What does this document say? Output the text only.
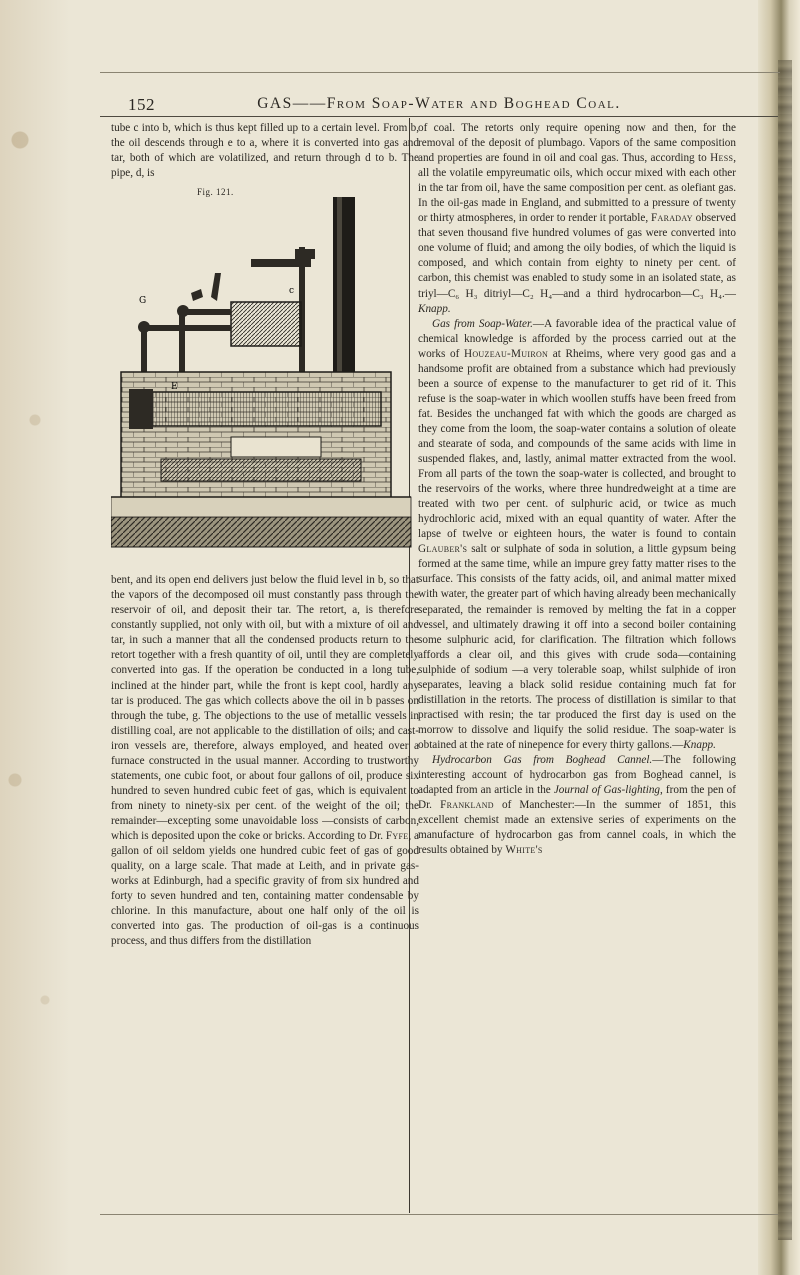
152	GAS——From Soap-Water and Boghead Coal.

tube c into b, which is thus kept filled up to a certain level. From b, the oil descends through e to a, where it is converted into gas and tar, both of which are volatilized, and return through d to b. The pipe, d, is

Fig. 121.
c
G
E

bent, and its open end delivers just below the fluid level in b, so that the vapors of the decomposed oil must constantly pass through the reservoir of oil, and deposit their tar. The retort, a, is therefore constantly supplied, not only with oil, but with a mixture of oil and tar, in such a manner that all the condensed products return to the retort together with a fresh quantity of oil, until they are completely converted into gas. If the operation be conducted in a long tube, inclined at the hinder part, while the front is kept cool, hardly any tar is produced. The gas which collects above the oil in b passes on through the tube, g. The objections to the use of metallic vessels in distilling coal, are not applicable to the distillation of oils; and cast-iron vessels are, therefore, always employed, and heated over a furnace constructed in the usual manner. According to trustworthy statements, one cubic foot, or about four gallons of oil, produce six hundred to seven hundred cubic feet of gas, which is equivalent to from ninety to ninety-six per cent. of the weight of the oil; the remainder—excepting some unavoidable loss —consists of carbon, which is deposited upon the coke or bricks. According to Dr. Fyfe, a gallon of oil seldom yields one hundred cubic feet of gas of good quality, on a large scale. That made at Leith, and in private gas-works at Edinburgh, had a specific gravity of from six hundred and forty to seven hundred and ten, containing matter condensable by chlorine. In this manufacture, about one half only of the oil is converted into gas. The production of oil-gas is a continuous process, and thus differs from the distillation

of coal. The retorts only require opening now and then, for the removal of the deposit of plumbago. Vapors of the same composition and properties are found in oil and coal gas. Thus, according to Hess, all the volatile empyreumatic oils, which occur mixed with each other in the tar from oil, have the same composition per cent. as olefiant gas. In the oil-gas made in England, and submitted to a pressure of twenty or thirty atmospheres, in order to render it portable, Faraday observed that seven thousand five hundred volumes of gas were converted into one volume of fluid; and among the oily bodies, of which the liquid is composed, and which contain from eighty to ninety per cent. of carbon, this chemist was enabled to study some in an isolated state, as triyl—C₆ H₃ ditriyl—C₂ H₄—and a third hydrocarbon—C₃ H₄.—Knapp.

Gas from Soap-Water.—A favorable idea of the practical value of chemical knowledge is afforded by the process carried out at the works of Houzeau-Muiron at Rheims, where very good gas and a handsome profit are obtained from a substance which had previously been a source of expense to the manufacturer to get rid of it. This refuse is the soap-water in which woollen stuffs have been freed from fat. Besides the unchanged fat with which the goods are charged as they come from the loom, the soap-water contains a solution of oleate and stearate of soda, and compounds of the same acids with lime in suspended flakes, and, lastly, animal matter extracted from the wool. From all parts of the town the soap-water is collected, and brought to the reservoirs of the works, where three hundredweight at a time are treated with two per cent. of sulphuric acid, or twice as much hydrochloric acid, mixed with an equal quantity of water. After the lapse of twelve or eighteen hours, the water is found to contain Glauber's salt or sulphate of soda in solution, a little gypsum being formed at the same time, while an impure grey fatty matter rises to the surface. This consists of the fatty acids, oil, and animal matter mixed with water, the greater part of which having already been mechanically separated, the remainder is removed by melting the fat in a copper vessel, and ultimately drawing it off into a second boiler containing some sulphuric acid, for clarification. The filtration which follows affords a clear oil, and this gives with crude soda—containing sulphide of sodium —a very tolerable soap, whilst sulphide of iron separates, leaving a black solid residue containing much fat for distillation in the retorts. The process of distillation is similar to that practised with resin; the tar produced the first day is used on the morrow to dissolve and liquify the solid residue. The soap-water is obtained at the rate of ninepence for every thirty gallons.—Knapp.

Hydrocarbon Gas from Boghead Cannel.—The following interesting account of hydrocarbon gas from Boghead cannel, is adapted from an article in the Journal of Gas-lighting, from the pen of Dr. Frankland of Manchester:—In the summer of 1851, this excellent chemist made an extensive series of experiments on the manufacture of hydrocarbon gas from cannel coals, in which the results obtained by White's
